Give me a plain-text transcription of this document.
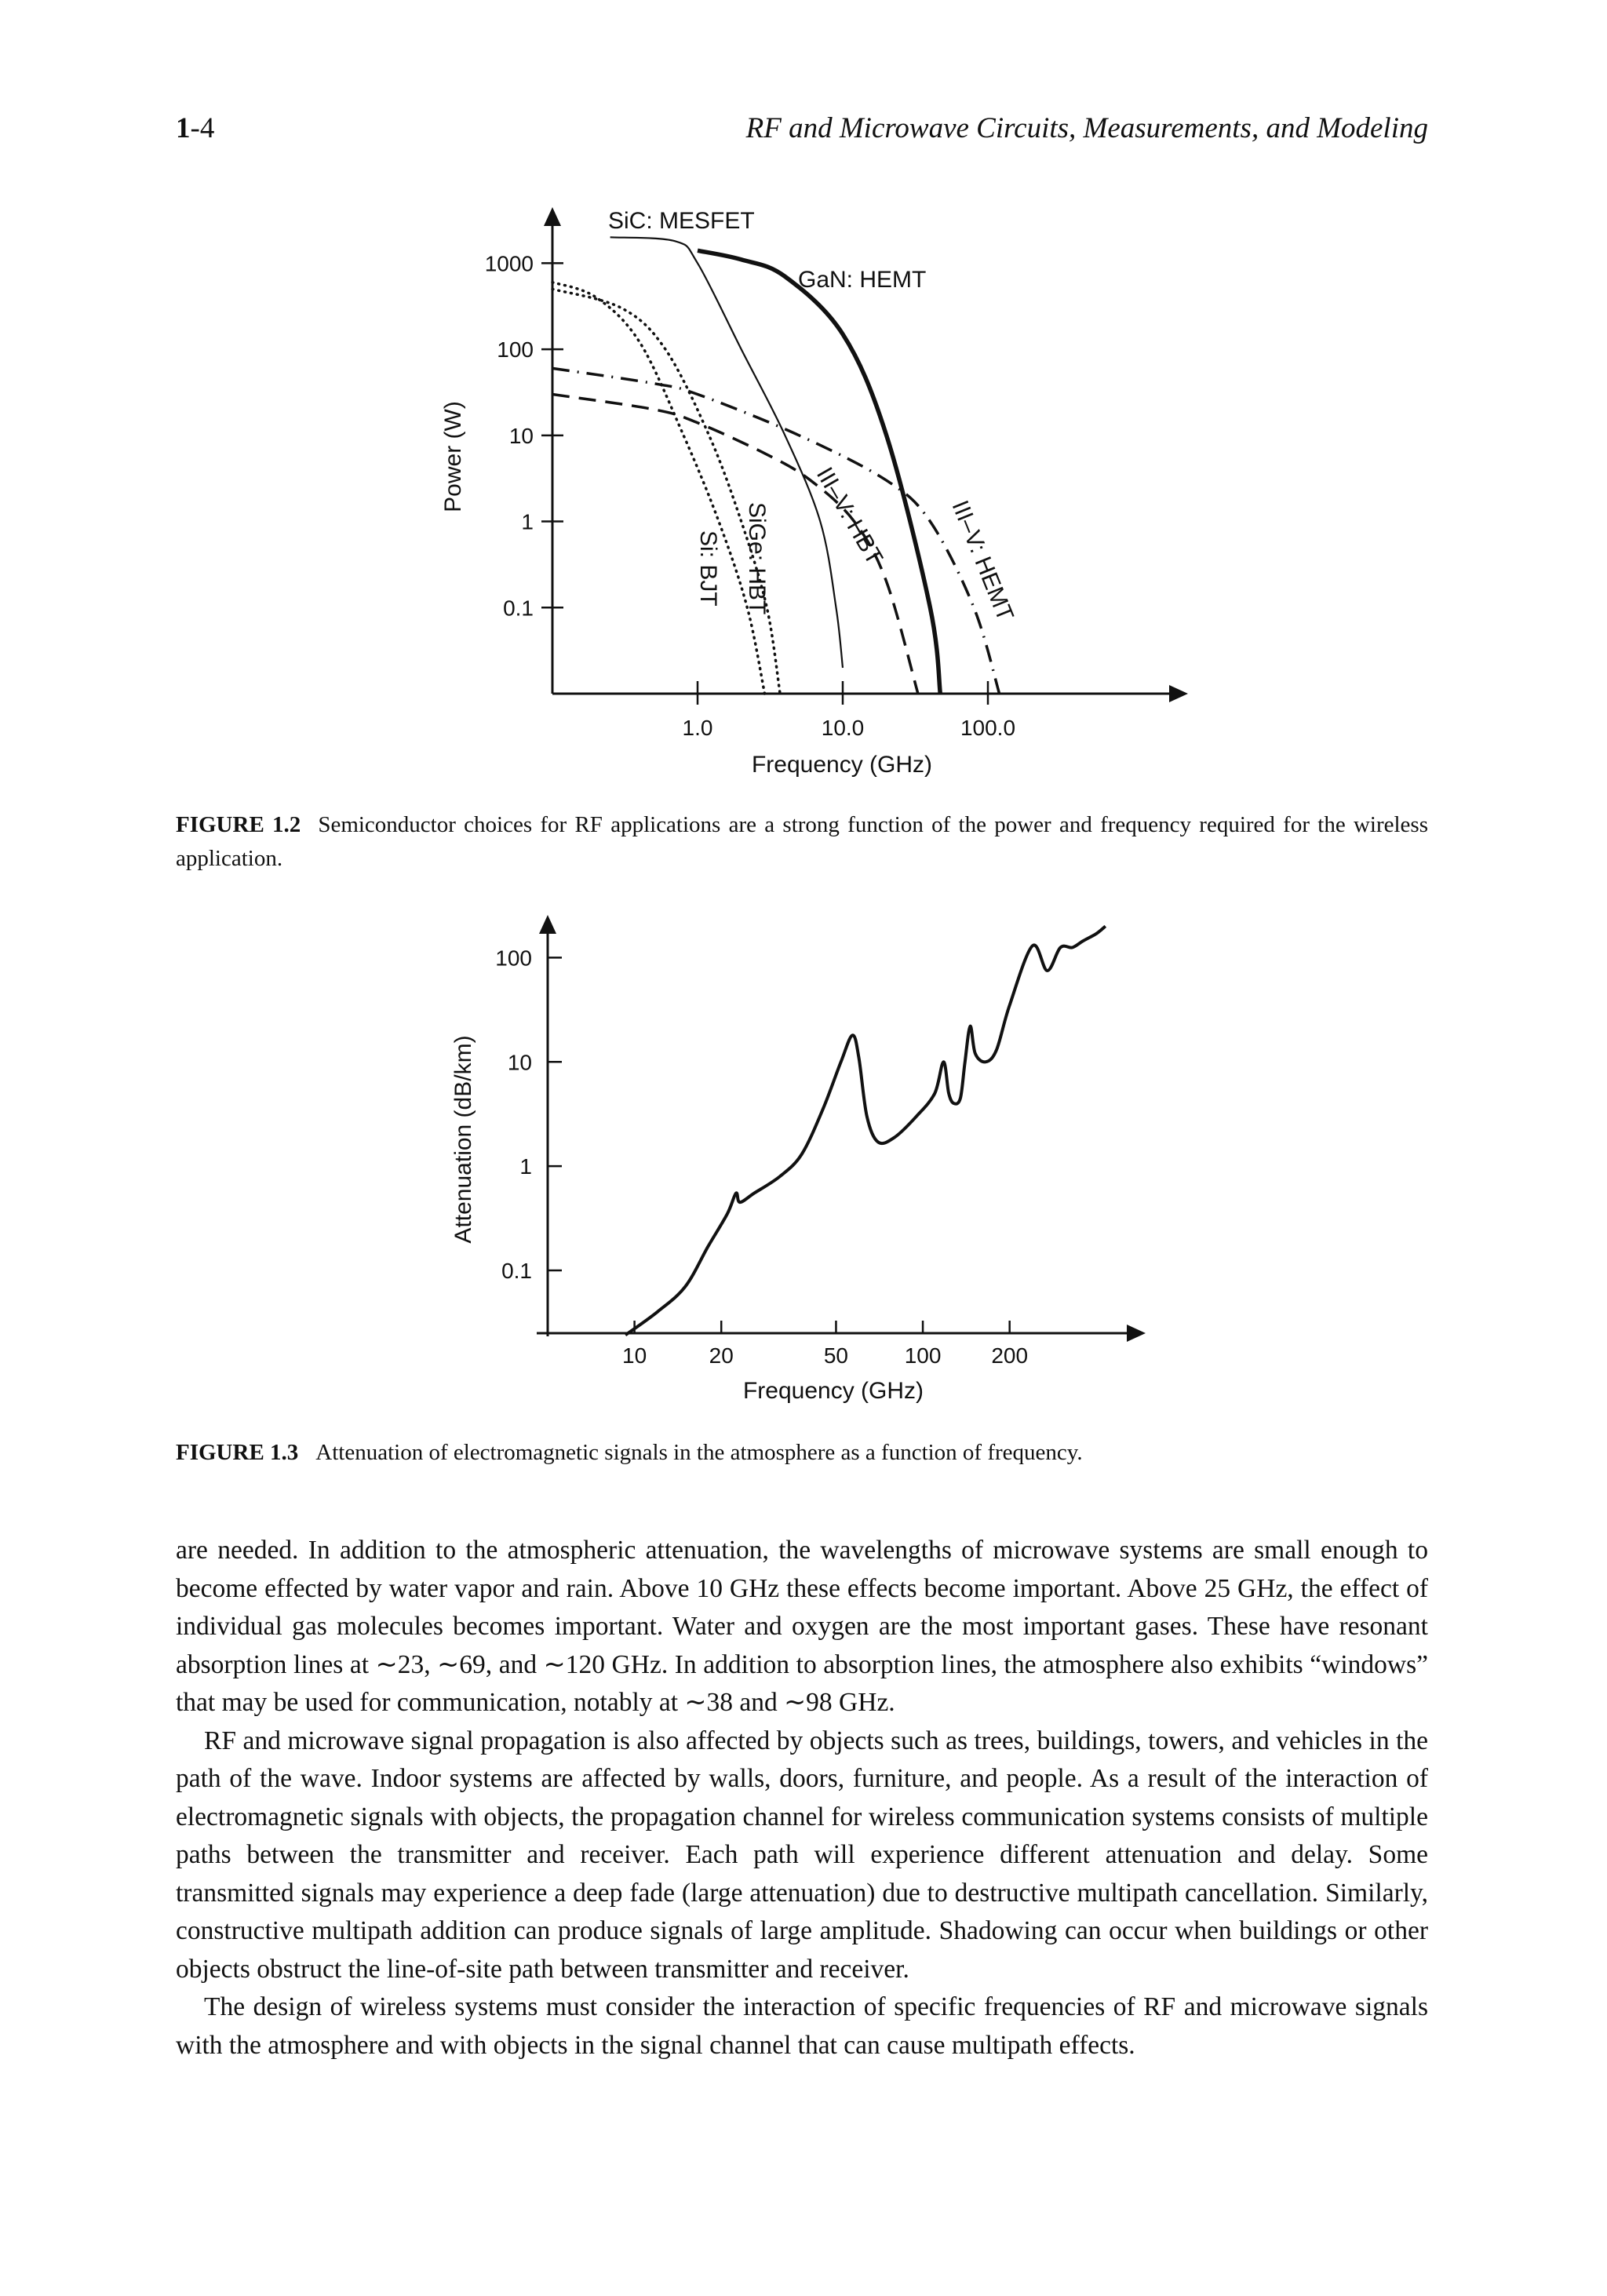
1-4	RF and Microwave Circuits, Measurements, and Modeling
1000
100
10
1
0.1
1.0	10.0	100.0
Frequency (GHz)
Power (W)
SiC: MESFET
GaN: HEMT
Si: BJT SiGe: HBT III–V: HBT	III–V: HEMT
FIGURE 1.2 Semiconductor choices for RF applications are a strong function of the power and frequency required for the wireless application.
100
10
1
0.1
10	20	50	100 200
Frequency (GHz)
Attenuation (dB/km)
FIGURE 1.3 Attenuation of electromagnetic signals in the atmosphere as a function of frequency.

are needed. In addition to the atmospheric attenuation, the wavelengths of microwave systems are small enough to become effected by water vapor and rain. Above 10 GHz these effects become important. Above 25 GHz, the effect of individual gas molecules becomes important. Water and oxygen are the most important gases. These have resonant absorption lines at ∼23, ∼69, and ∼120 GHz. In addition to absorption lines, the atmosphere also exhibits “windows” that may be used for communication, notably at ∼38 and ∼98 GHz.

RF and microwave signal propagation is also affected by objects such as trees, buildings, towers, and vehicles in the path of the wave. Indoor systems are affected by walls, doors, furniture, and people. As a result of the interaction of electromagnetic signals with objects, the propagation channel for wireless communication systems consists of multiple paths between the transmitter and receiver. Each path will experience different attenuation and delay. Some transmitted signals may experience a deep fade (large attenuation) due to destructive multipath cancellation. Similarly, constructive multipath addition can produce signals of large amplitude. Shadowing can occur when buildings or other objects obstruct the line-of-site path between transmitter and receiver.

The design of wireless systems must consider the interaction of specific frequencies of RF and microwave signals with the atmosphere and with objects in the signal channel that can cause multipath effects.
